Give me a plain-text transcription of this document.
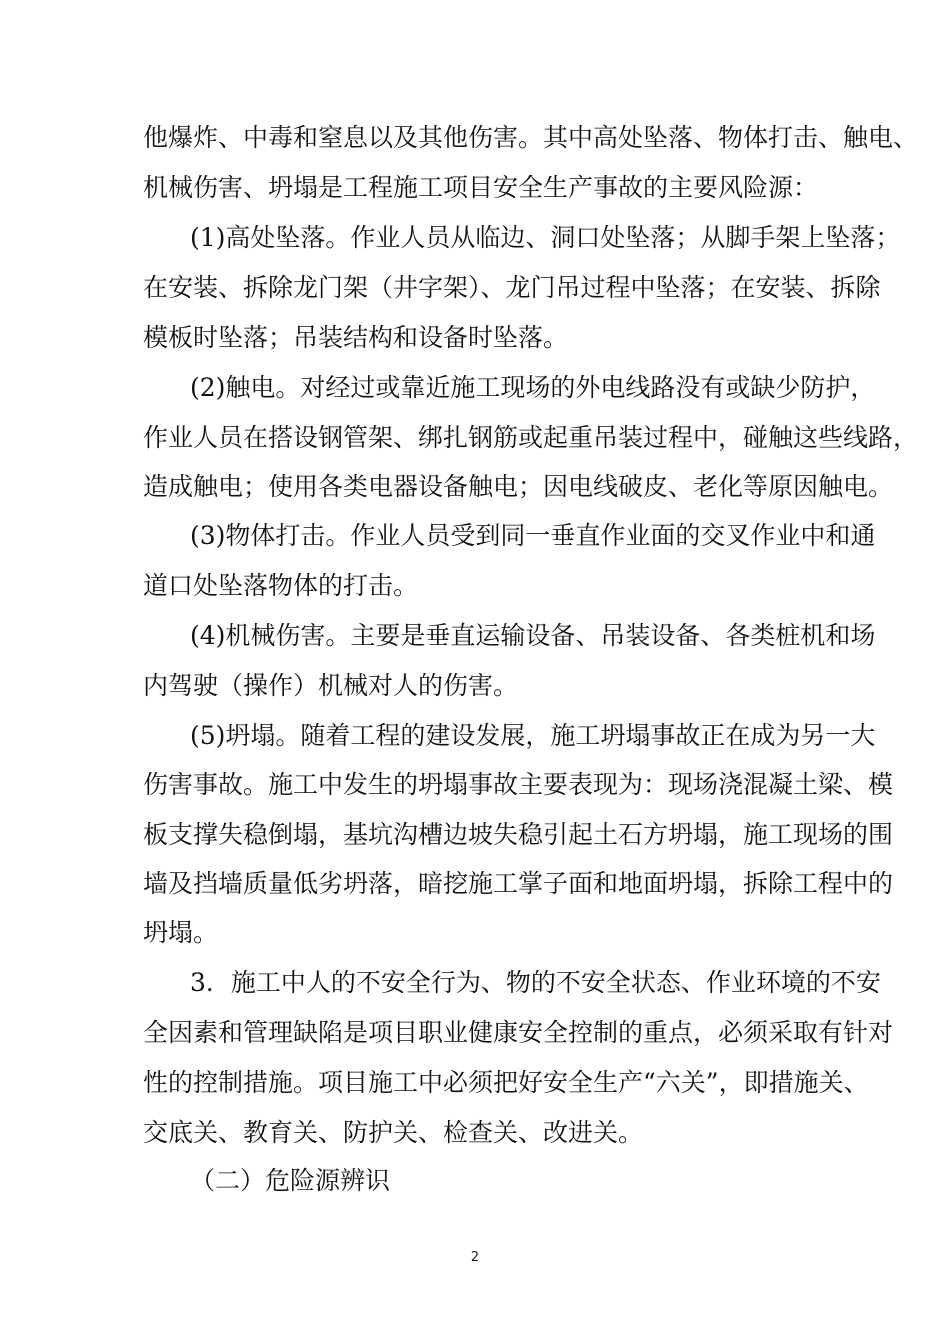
他爆炸、中毒和窒息以及其他伤害。其中高处坠落、物体打击、触电、
机械伤害、坍塌是工程施工项目安全生产事故的主要风险源：
(1)高处坠落。作业人员从临边、洞口处坠落；从脚手架上坠落；
在安装、拆除龙门架（井字架）、龙门吊过程中坠落；在安装、拆除
模板时坠落；吊装结构和设备时坠落。
(2)触电。对经过或靠近施工现场的外电线路没有或缺少防护，
作业人员在搭设钢管架、绑扎钢筋或起重吊装过程中，碰触这些线路，
造成触电；使用各类电器设备触电；因电线破皮、老化等原因触电。
(3)物体打击。作业人员受到同一垂直作业面的交叉作业中和通
道口处坠落物体的打击。
(4)机械伤害。主要是垂直运输设备、吊装设备、各类桩机和场
内驾驶（操作）机械对人的伤害。
(5)坍塌。随着工程的建设发展，施工坍塌事故正在成为另一大
伤害事故。施工中发生的坍塌事故主要表现为：现场浇混凝土梁、模
板支撑失稳倒塌，基坑沟槽边坡失稳引起土石方坍塌，施工现场的围
墙及挡墙质量低劣坍落，暗挖施工掌子面和地面坍塌，拆除工程中的
坍塌。
3．施工中人的不安全行为、物的不安全状态、作业环境的不安
全因素和管理缺陷是项目职业健康安全控制的重点，必须采取有针对
性的控制措施。项目施工中必须把好安全生产“六关”，即措施关、
交底关、教育关、防护关、检查关、改进关。
（二）危险源辨识
2
